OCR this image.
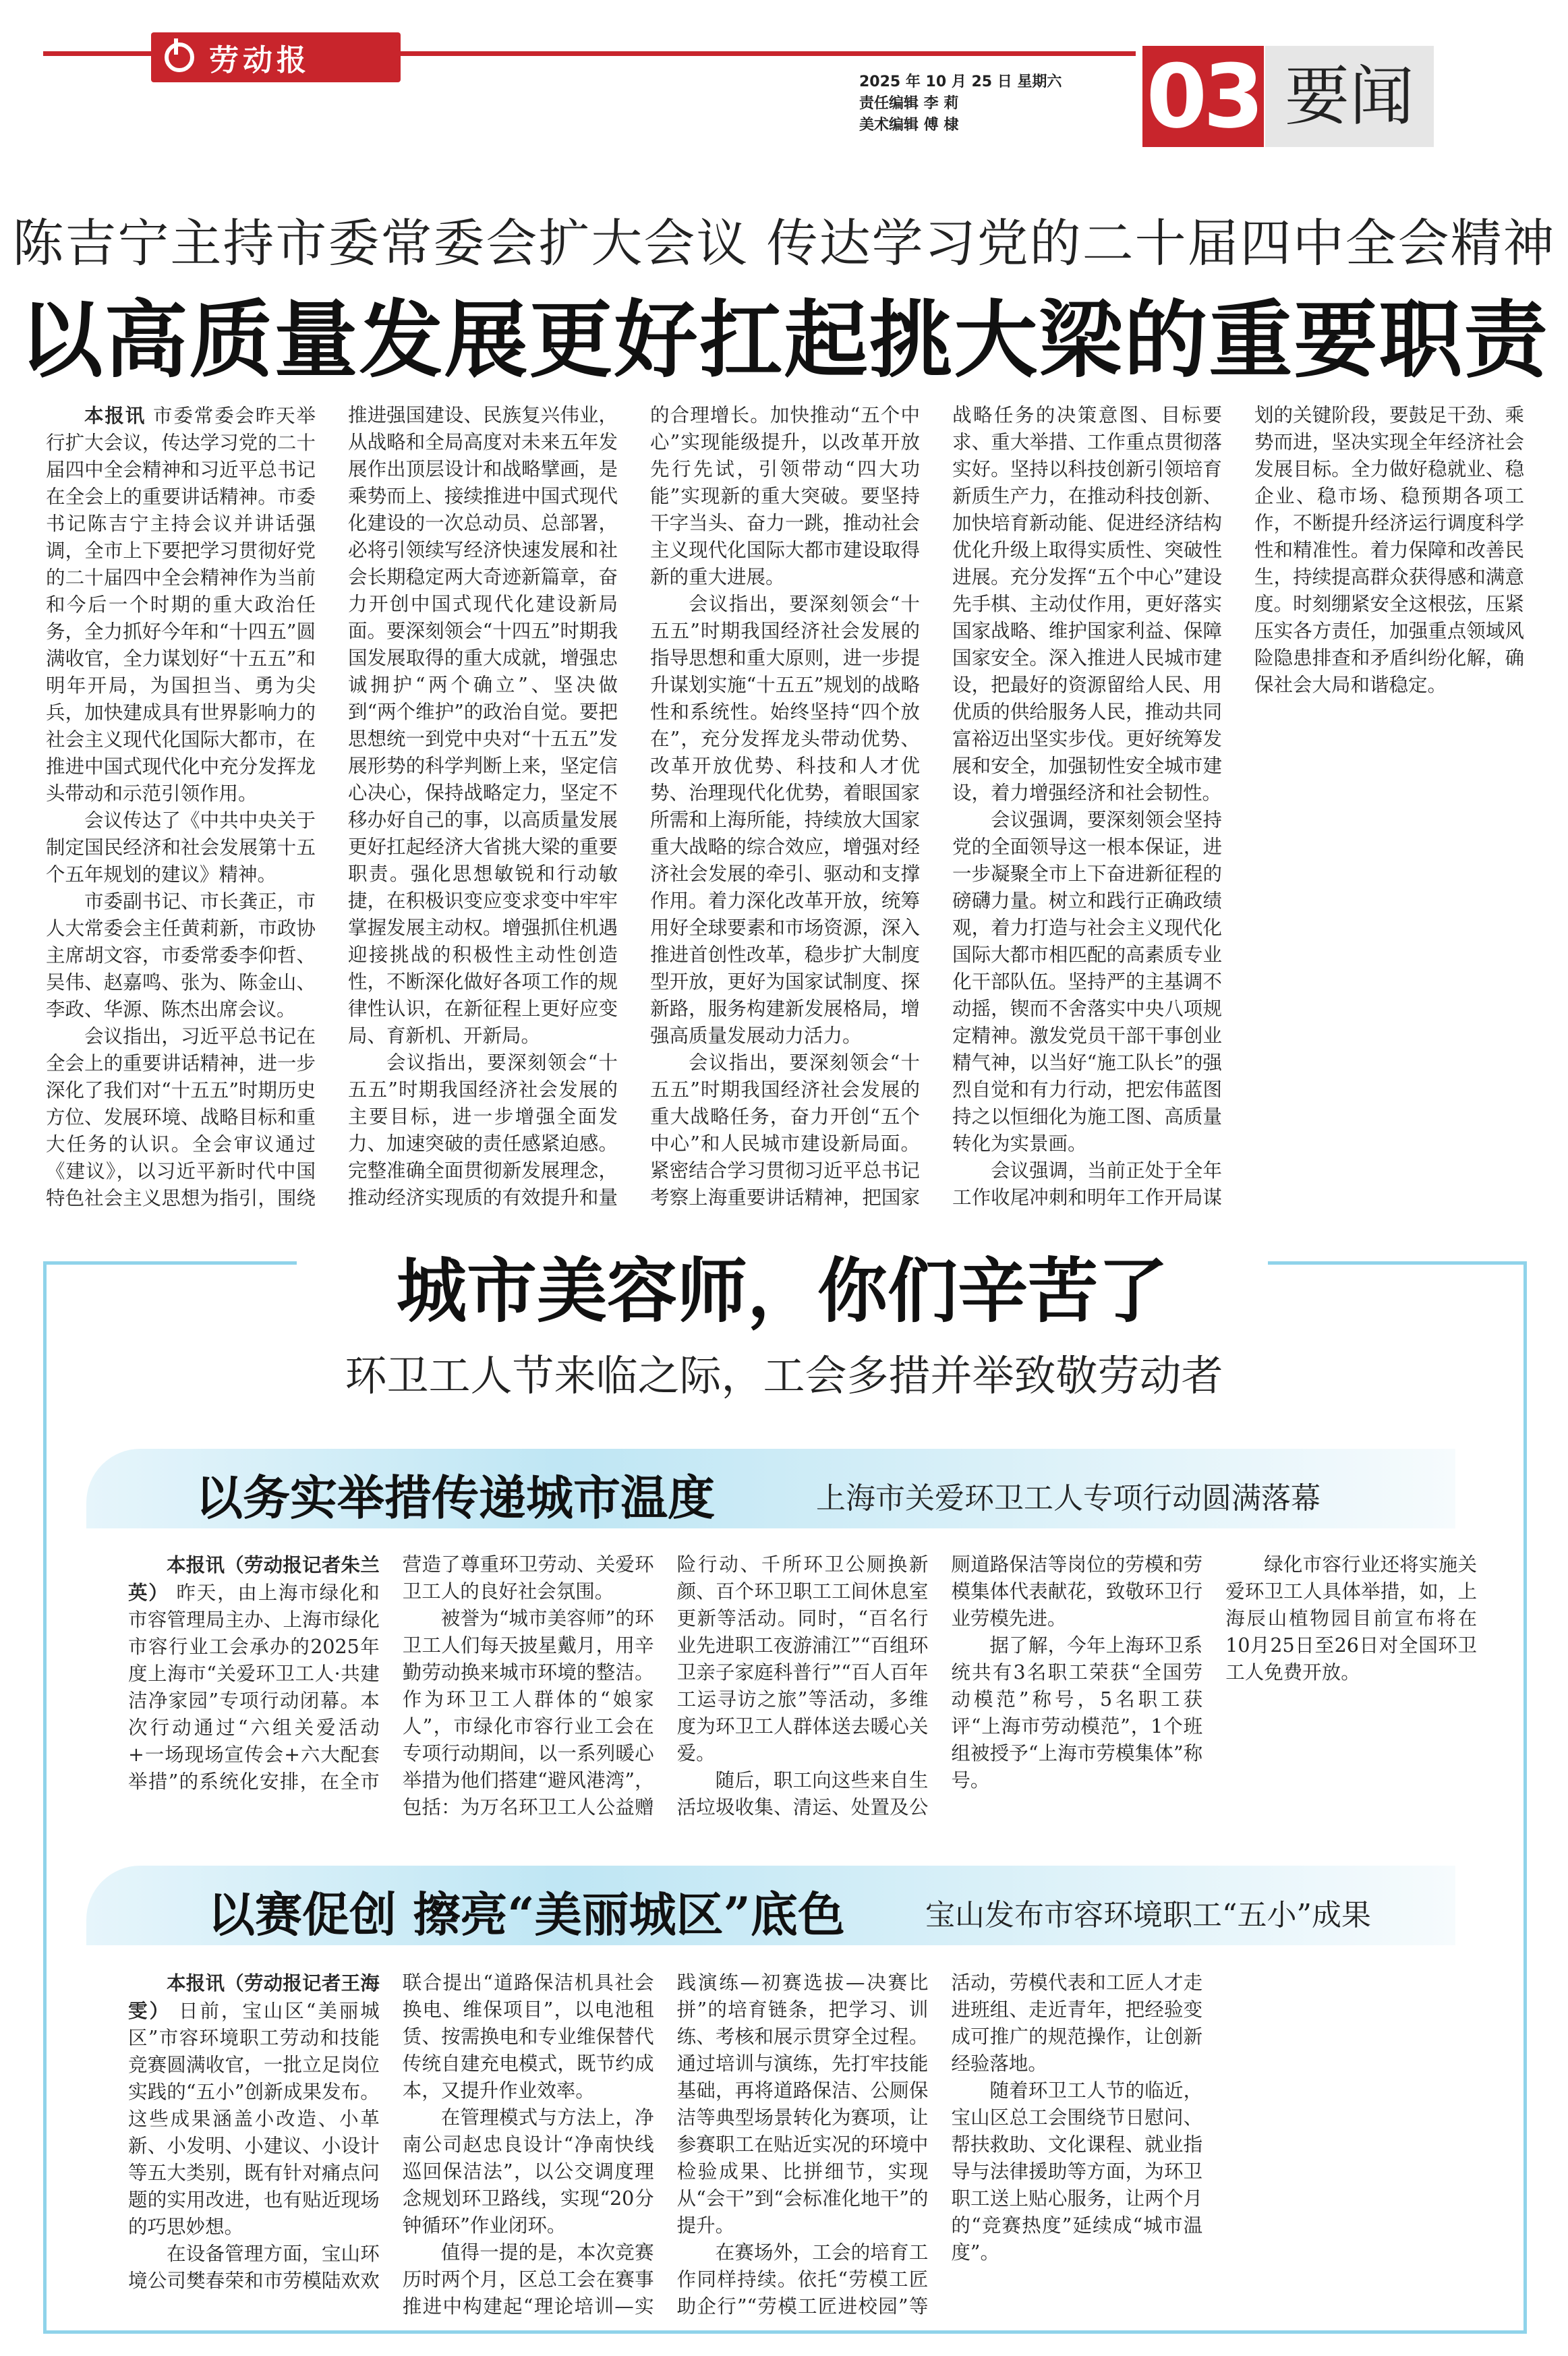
劳动报
2025 年 10 月 25 日 星期六
责任编辑 李 莉
美术编辑 傅 棣	03 要闻
陈吉宁主持市委常委会扩大会议 传达学习党的二十届四中全会精神
以高质量发展更好扛起挑大梁的重要职责

本报讯 市委常委会昨天举行扩大会议，传达学习党的二十届四中全会精神和习近平总书记在全会上的重要讲话精神。市委书记陈吉宁主持会议并讲话强调，全市上下要把学习贯彻好党的二十届四中全会精神作为当前和今后一个时期的重大政治任务，全力抓好今年和“十四五”圆满收官，全力谋划好“十五五”和明年开局，为国担当、勇为尖兵，加快建成具有世界影响力的社会主义现代化国际大都市，在推进中国式现代化中充分发挥龙头带动和示范引领作用。

会议传达了《中共中央关于制定国民经济和社会发展第十五个五年规划的建议》精神。

市委副书记、市长龚正，市人大常委会主任黄莉新，市政协主席胡文容，市委常委李仰哲、吴伟、赵嘉鸣、张为、陈金山、李政、华源、陈杰出席会议。

会议指出，习近平总书记在全会上的重要讲话精神，进一步深化了我们对“十五五”时期历史方位、发展环境、战略目标和重大任务的认识。全会审议通过《建议》，以习近平新时代中国特色社会主义思想为指引，围绕推进强国建设、民族复兴伟业，从战略和全局高度对未来五年发展作出顶层设计和战略擘画，是乘势而上、接续推进中国式现代化建设的一次总动员、总部署，必将引领续写经济快速发展和社会长期稳定两大奇迹新篇章，奋力开创中国式现代化建设新局面。要深刻领会“十四五”时期我国发展取得的重大成就，增强忠诚拥护“两个确立”、坚决做到“两个维护”的政治自觉。要把思想统一到党中央对“十五五”发展形势的科学判断上来，坚定信心决心，保持战略定力，坚定不移办好自己的事，以高质量发展更好扛起经济大省挑大梁的重要职责。强化思想敏锐和行动敏捷，在积极识变应变求变中牢牢掌握发展主动权。增强抓住机遇迎接挑战的积极性主动性创造性，不断深化做好各项工作的规律性认识，在新征程上更好应变局、育新机、开新局。

会议指出，要深刻领会“十五五”时期我国经济社会发展的主要目标，进一步增强全面发力、加速突破的责任感紧迫感。完整准确全面贯彻新发展理念，推动经济实现质的有效提升和量的合理增长。加快推动“五个中心”实现能级提升，以改革开放先行先试，引领带动“四大功能”实现新的重大突破。要坚持干字当头、奋力一跳，推动社会主义现代化国际大都市建设取得新的重大进展。

会议指出，要深刻领会“十五五”时期我国经济社会发展的指导思想和重大原则，进一步提升谋划实施“十五五”规划的战略性和系统性。始终坚持“四个放在”，充分发挥龙头带动优势、改革开放优势、科技和人才优势、治理现代化优势，着眼国家所需和上海所能，持续放大国家重大战略的综合效应，增强对经济社会发展的牵引、驱动和支撑作用。着力深化改革开放，统筹用好全球要素和市场资源，深入推进首创性改革，稳步扩大制度型开放，更好为国家试制度、探新路，服务构建新发展格局，增强高质量发展动力活力。

会议指出，要深刻领会“十五五”时期我国经济社会发展的重大战略任务，奋力开创“五个中心”和人民城市建设新局面。紧密结合学习贯彻习近平总书记考察上海重要讲话精神，把国家战略任务的决策意图、目标要求、重大举措、工作重点贯彻落实好。坚持以科技创新引领培育新质生产力，在推动科技创新、加快培育新动能、促进经济结构优化升级上取得实质性、突破性进展。充分发挥“五个中心”建设先手棋、主动仗作用，更好落实国家战略、维护国家利益、保障国家安全。深入推进人民城市建设，把最好的资源留给人民、用优质的供给服务人民，推动共同富裕迈出坚实步伐。更好统筹发展和安全，加强韧性安全城市建设，着力增强经济和社会韧性。

会议强调，要深刻领会坚持党的全面领导这一根本保证，进一步凝聚全市上下奋进新征程的磅礴力量。树立和践行正确政绩观，着力打造与社会主义现代化国际大都市相匹配的高素质专业化干部队伍。坚持严的主基调不动摇，锲而不舍落实中央八项规定精神。激发党员干部干事创业精气神，以当好“施工队长”的强烈自觉和有力行动，把宏伟蓝图持之以恒细化为施工图、高质量转化为实景画。

会议强调，当前正处于全年工作收尾冲刺和明年工作开局谋划的关键阶段，要鼓足干劲、乘势而进，坚决实现全年经济社会发展目标。全力做好稳就业、稳企业、稳市场、稳预期各项工作，不断提升经济运行调度科学性和精准性。着力保障和改善民生，持续提高群众获得感和满意度。时刻绷紧安全这根弦，压紧压实各方责任，加强重点领域风险隐患排查和矛盾纠纷化解，确保社会大局和谐稳定。

城市美容师，你们辛苦了
环卫工人节来临之际，工会多措并举致敬劳动者
以务实举措传递城市温度	上海市关爱环卫工人专项行动圆满落幕

本报讯（劳动报记者朱兰英） 昨天，由上海市绿化和市容管理局主办、上海市绿化市容行业工会承办的2025年度上海市“关爱环卫工人·共建洁净家园”专项行动闭幕。本次行动通过“六组关爱活动+一场现场宣传会+六大配套举措”的系统化安排，在全市营造了尊重环卫劳动、关爱环卫工人的良好社会氛围。

被誉为“城市美容师”的环卫工人们每天披星戴月，用辛勤劳动换来城市环境的整洁。作为环卫工人群体的“娘家人”，市绿化市容行业工会在专项行动期间，以一系列暖心举措为他们搭建“避风港湾”，包括：为万名环卫工人公益赠险行动、千所环卫公厕换新颜、百个环卫职工工间休息室更新等活动。同时，“百名行业先进职工夜游浦江”“百组环卫亲子家庭科普行”“百人百年工运寻访之旅”等活动，多维度为环卫工人群体送去暖心关爱。

随后，职工向这些来自生活垃圾收集、清运、处置及公厕道路保洁等岗位的劳模和劳模集体代表献花，致敬环卫行业劳模先进。

据了解，今年上海环卫系统共有3名职工荣获“全国劳动模范”称号，5名职工获评“上海市劳动模范”，1个班组被授予“上海市劳模集体”称号。

绿化市容行业还将实施关爱环卫工人具体举措，如，上海辰山植物园目前宣布将在10月25日至26日对全国环卫工人免费开放。

以赛促创 擦亮“美丽城区”底色	宝山发布市容环境职工“五小”成果

本报讯（劳动报记者王海雯） 日前，宝山区“美丽城区”市容环境职工劳动和技能竞赛圆满收官，一批立足岗位实践的“五小”创新成果发布。这些成果涵盖小改造、小革新、小发明、小建议、小设计等五大类别，既有针对痛点问题的实用改进，也有贴近现场的巧思妙想。

在设备管理方面，宝山环境公司樊春荣和市劳模陆欢欢联合提出“道路保洁机具社会换电、维保项目”，以电池租赁、按需换电和专业维保替代传统自建充电模式，既节约成本，又提升作业效率。

在管理模式与方法上，净南公司赵忠良设计“净南快线巡回保洁法”，以公交调度理念规划环卫路线，实现“20分钟循环”作业闭环。

值得一提的是，本次竞赛历时两个月，区总工会在赛事推进中构建起“理论培训—实践演练—初赛选拔—决赛比拼”的培育链条，把学习、训练、考核和展示贯穿全过程。通过培训与演练，先打牢技能基础，再将道路保洁、公厕保洁等典型场景转化为赛项，让参赛职工在贴近实况的环境中检验成果、比拼细节，实现从“会干”到“会标准化地干”的提升。

在赛场外，工会的培育工作同样持续。依托“劳模工匠助企行”“劳模工匠进校园”等活动，劳模代表和工匠人才走进班组、走近青年，把经验变成可推广的规范操作，让创新经验落地。

随着环卫工人节的临近，宝山区总工会围绕节日慰问、帮扶救助、文化课程、就业指导与法律援助等方面，为环卫职工送上贴心服务，让两个月的“竞赛热度”延续成“城市温度”。
